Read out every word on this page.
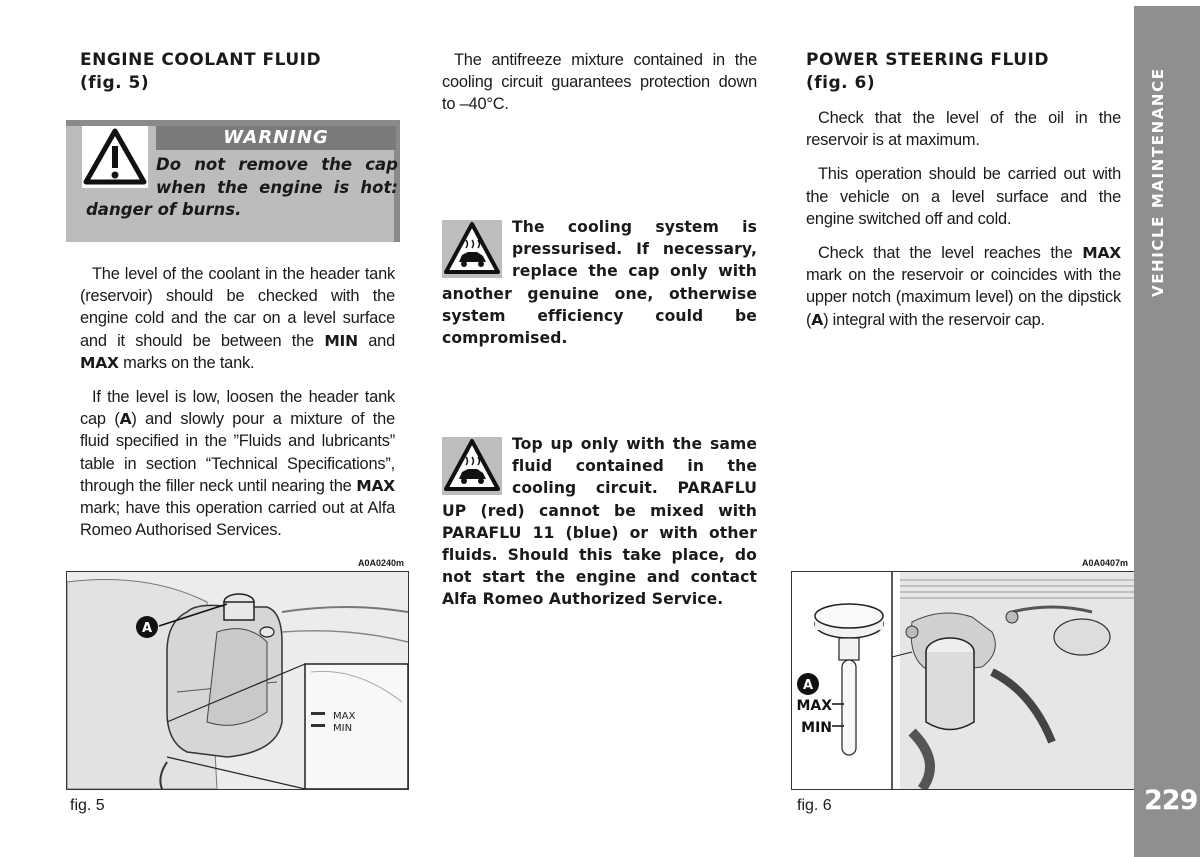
ENGINE COOLANT FLUID
(fig. 5)

WARNING
Do not remove the cap
when the engine is hot:
danger of burns.

The level of the coolant in the header tank (reservoir) should be checked with the engine cold and the car on a level surface and it should be between the MIN and MAX marks on the tank.

If the level is low, loosen the header tank cap (A) and slowly pour a mixture of the fluid specified in the ”Fluids and lubricants” table in section “Technical Specifications”, through the filler neck until nearing the MAX mark; have this operation carried out at Alfa Romeo Authorised Services.

A0A0240m
MAX
MIN
A
fig. 5

The antifreeze mixture contained in the cooling circuit guarantees protection down to –40°C.

The cooling system is pressurised. If necessary, replace the cap only with another genuine one, otherwise system efficiency could be compromised.

Top up only with the same fluid contained in the cooling circuit. PARAFLU UP (red) cannot be mixed with PARAFLU 11 (blue) or with other fluids. Should this take place, do not start the engine and contact Alfa Romeo Authorized Service.

POWER STEERING FLUID
(fig. 6)

Check that the level of the oil in the reservoir is at maximum.

This operation should be carried out with the vehicle on a level surface and the engine switched off and cold.

Check that the level reaches the MAX mark on the reservoir or coincides with the upper notch (maximum level) on the dipstick (A) integral with the reservoir cap.

A0A0407m
A
MAX
MIN
fig. 6
VEHICLE MAINTENANCE
229
